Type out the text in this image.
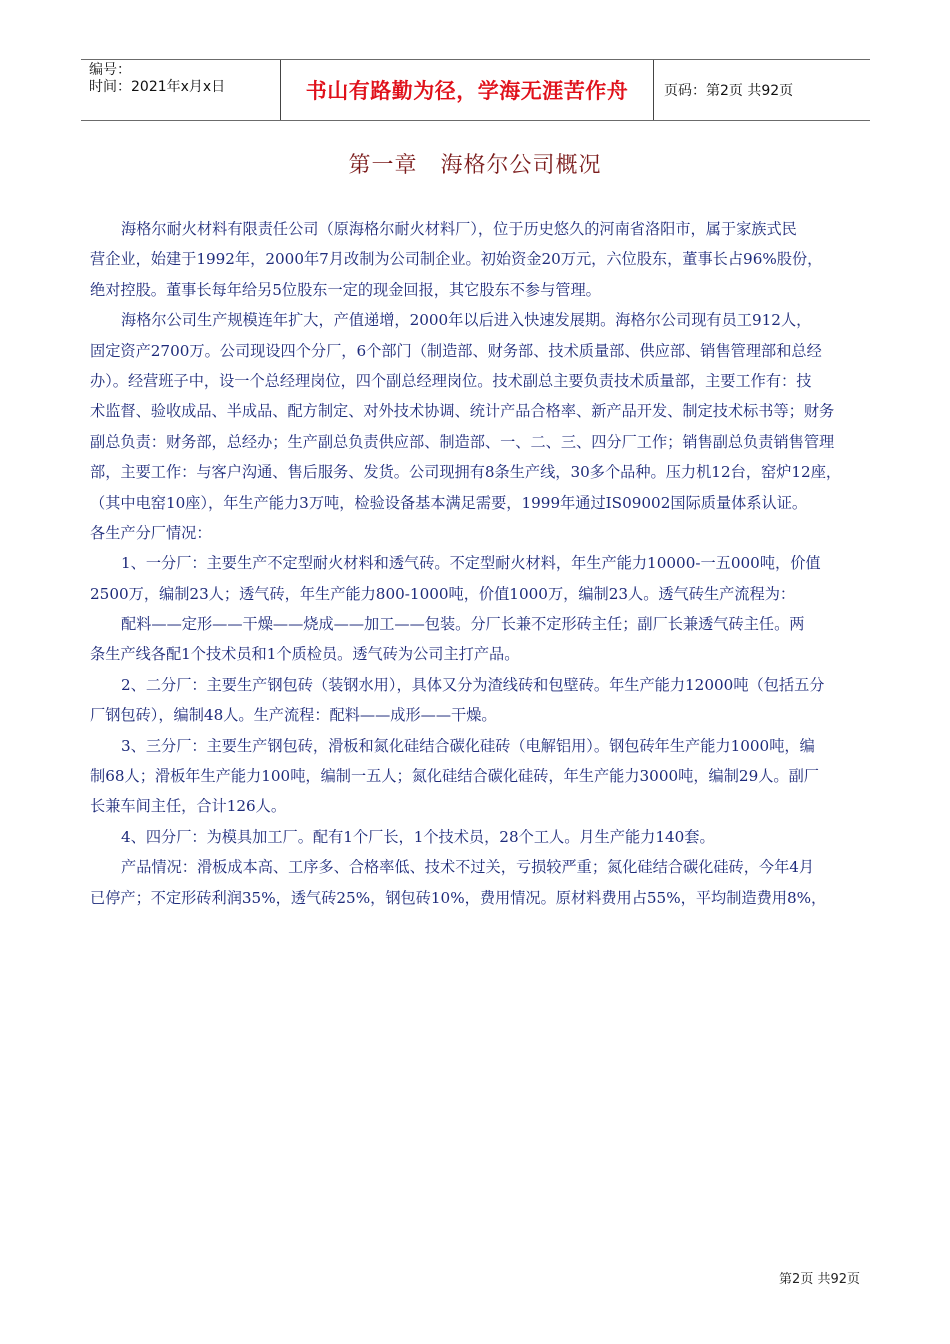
编号：
时间：2021年x月x日	书山有路勤为径，学海无涯苦作舟	页码：第2页 共92页
第一章　海格尔公司概况
海格尔耐火材料有限责任公司（原海格尔耐火材料厂），位于历史悠久的河南省洛阳市，属于家族式民
营企业，始建于1992年，2000年7月改制为公司制企业。初始资金20万元，六位股东，董事长占96%股份，
绝对控股。董事长每年给另5位股东一定的现金回报，其它股东不参与管理。
海格尔公司生产规模连年扩大，产值递增，2000年以后进入快速发展期。海格尔公司现有员工912人，
固定资产2700万。公司现设四个分厂，6个部门（制造部、财务部、技术质量部、供应部、销售管理部和总经
办）。经营班子中，设一个总经理岗位，四个副总经理岗位。技术副总主要负责技术质量部，主要工作有：技
术监督、验收成品、半成品、配方制定、对外技术协调、统计产品合格率、新产品开发、制定技术标书等；财务
副总负责：财务部，总经办；生产副总负责供应部、制造部、一、二、三、四分厂工作；销售副总负责销售管理
部，主要工作：与客户沟通、售后服务、发货。公司现拥有8条生产线，30多个品种。压力机12台，窑炉12座，
（其中电窑10座），年生产能力3万吨，检验设备基本满足需要，1999年通过IS09002国际质量体系认证。
各生产分厂情况：
1、一分厂：主要生产不定型耐火材料和透气砖。不定型耐火材料，年生产能力10000-一五000吨，价值
2500万，编制23人；透气砖，年生产能力800-1000吨，价值1000万，编制23人。透气砖生产流程为：
配料——定形——干燥——烧成——加工——包装。分厂长兼不定形砖主任；副厂长兼透气砖主任。两
条生产线各配1个技术员和1个质检员。透气砖为公司主打产品。
2、二分厂：主要生产钢包砖（装钢水用），具体又分为渣线砖和包壁砖。年生产能力12000吨（包括五分
厂钢包砖），编制48人。生产流程：配料——成形——干燥。
3、三分厂：主要生产钢包砖，滑板和氮化硅结合碳化硅砖（电解铝用）。钢包砖年生产能力1000吨，编
制68人；滑板年生产能力100吨，编制一五人；氮化硅结合碳化硅砖，年生产能力3000吨，编制29人。副厂
长兼车间主任，合计126人。
4、四分厂：为模具加工厂。配有1个厂长，1个技术员，28个工人。月生产能力140套。
产品情况：滑板成本高、工序多、合格率低、技术不过关，亏损较严重；氮化硅结合碳化硅砖，今年4月
已停产；不定形砖利润35%，透气砖25%，钢包砖10%，费用情况。原材料费用占55%，平均制造费用8%，
第2页 共92页
